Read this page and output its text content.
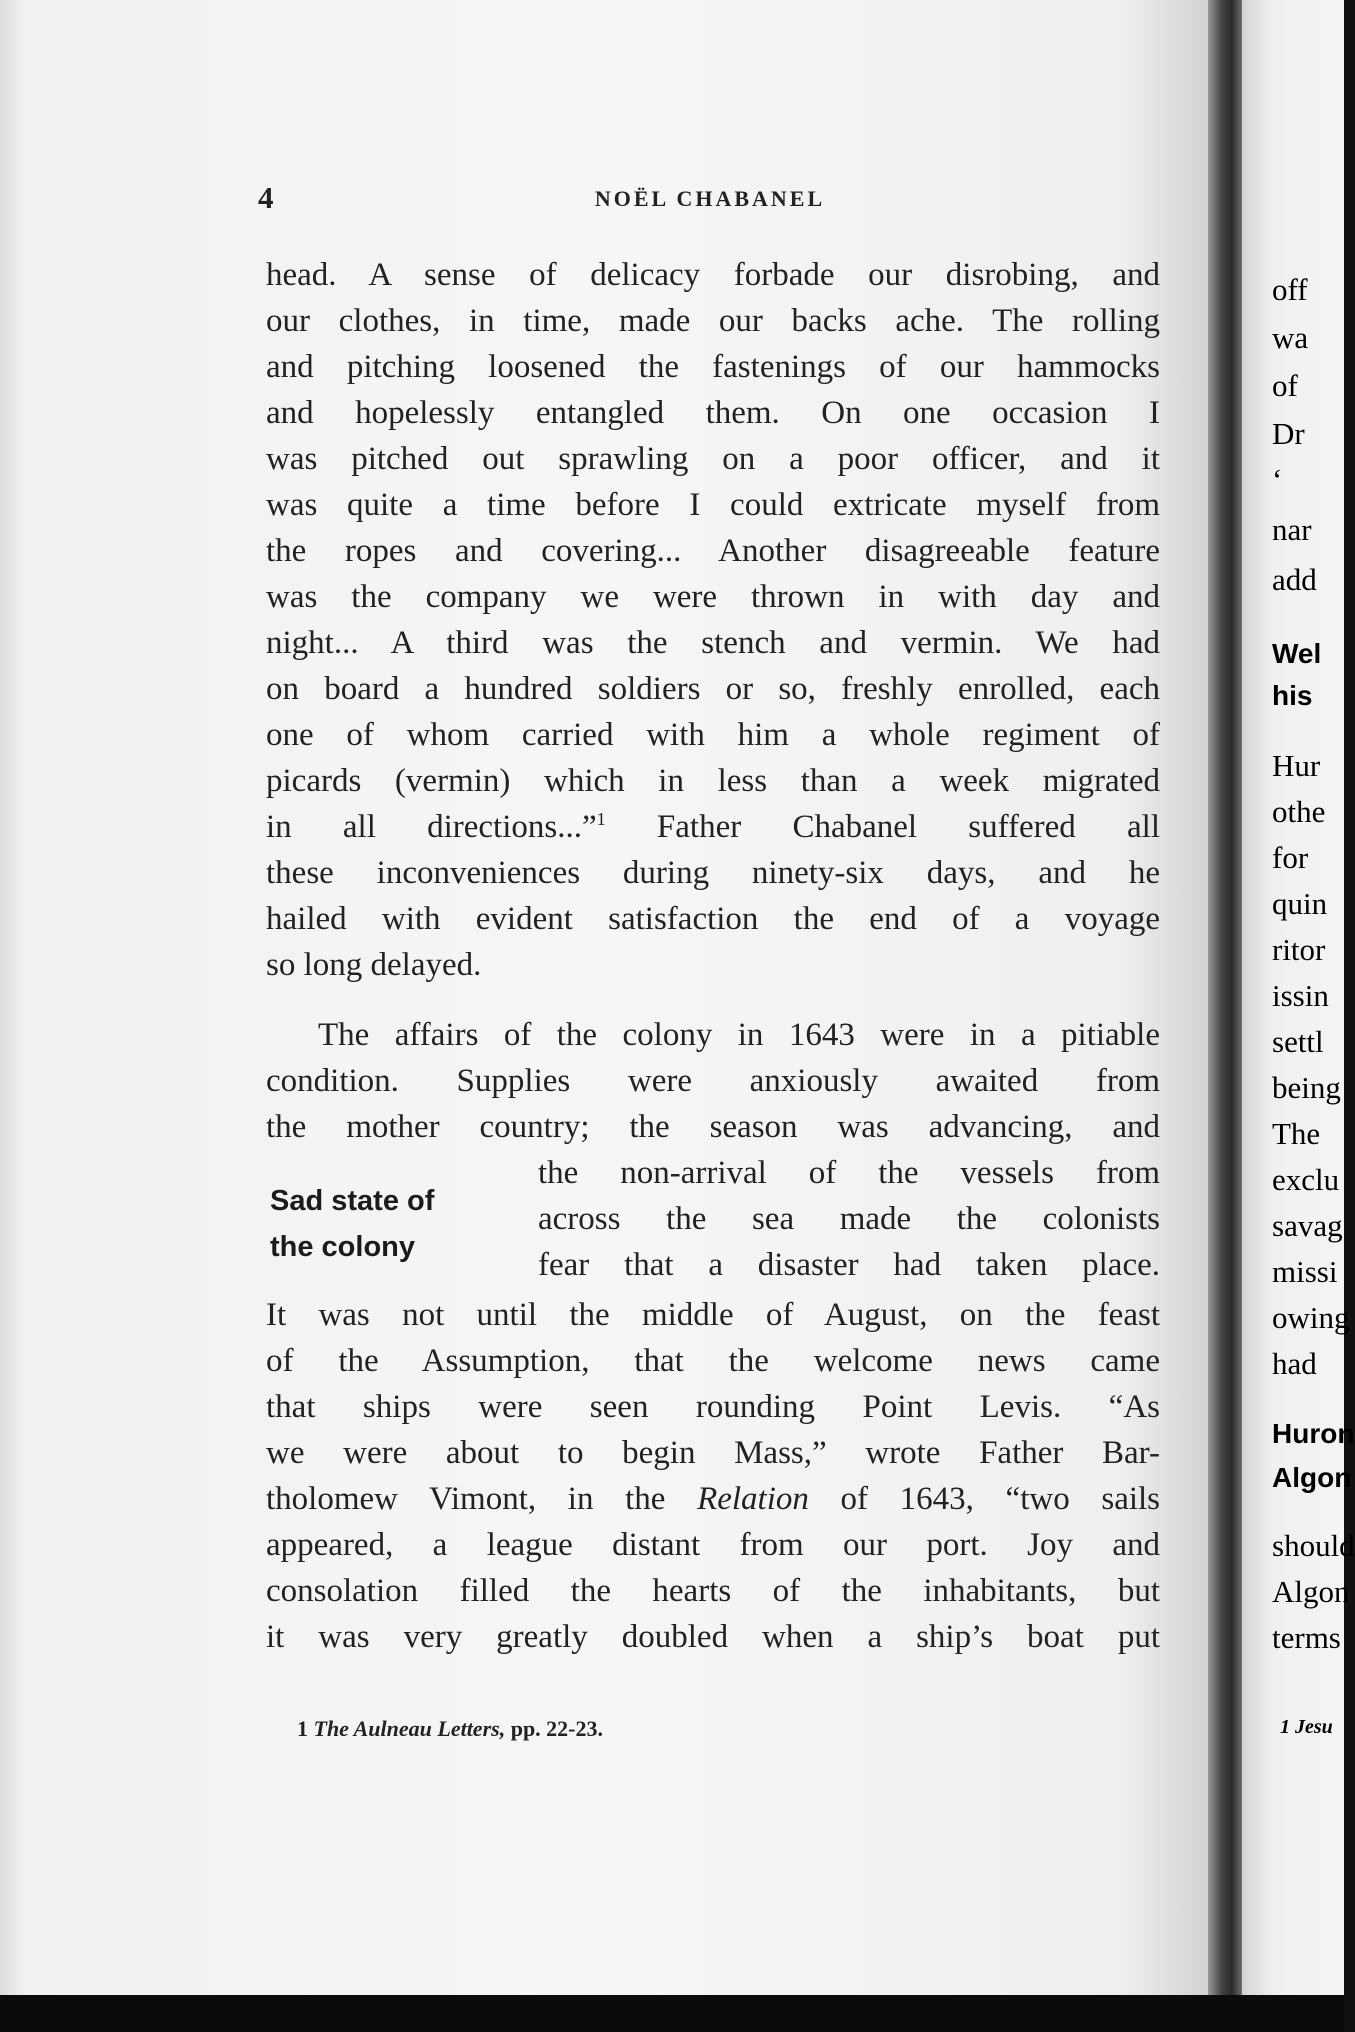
4	NOËL CHABANEL
head. A sense of delicacy forbade our disrobing, and
our clothes, in time, made our backs ache. The rolling
and pitching loosened the fastenings of our hammocks
and hopelessly entangled them. On one occasion I
was pitched out sprawling on a poor officer, and it
was quite a time before I could extricate myself from
the ropes and covering... Another disagreeable feature
was the company we were thrown in with day and
night... A third was the stench and vermin. We had
on board a hundred soldiers or so, freshly enrolled, each
one of whom carried with him a whole regiment of
picards (vermin) which in less than a week migrated
in all directions...”$^1$ Father Chabanel suffered all
these inconveniences during ninety-six days, and he
hailed with evident satisfaction the end of a voyage
so long delayed.
The affairs of the colony in 1643 were in a pitiable
condition. Supplies were anxiously awaited from
the mother country; the season was advancing, and
the non-arrival of the vessels from
across the sea made the colonists
fear that a disaster had taken place.
Sad state of
the colony
It was not until the middle of August, on the feast
of the Assumption, that the welcome news came
that ships were seen rounding Point Levis. “As
we were about to begin Mass,” wrote Father Bar-
tholomew Vimont, in the Relation of 1643, “two sails
appeared, a league distant from our port. Joy and
consolation filled the hearts of the inhabitants, but
it was very greatly doubled when a ship’s boat put
1 The Aulneau Letters, pp. 22-23.
off
wa
of
Dr
‘
nar
add
Wel
his
Hur
othe
for
quin
ritor
issin
settl
being
The
exclu
savag
missi
owing
had
Huron
Algon
should
Algon
terms
1 Jesu
